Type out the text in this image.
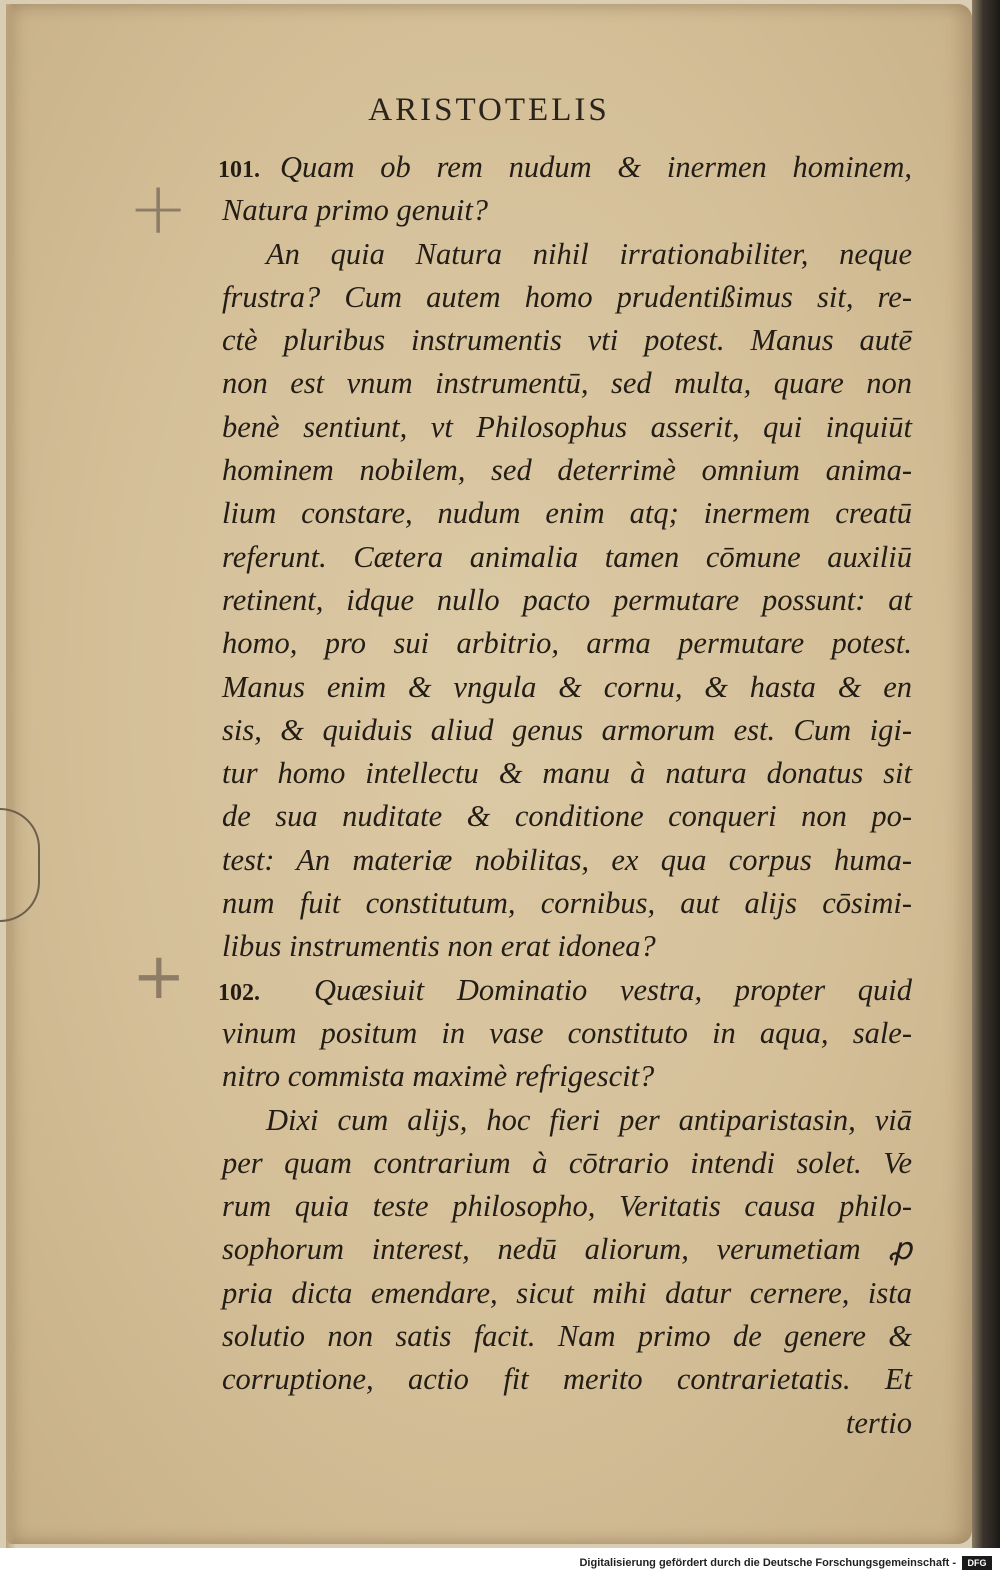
ARISTOTELIS
101. Quam ob rem nudum & inermen hominem,
Natura primo genuit?
An quia Natura nihil irrationabiliter, neque
frustra? Cum autem homo prudentißimus sit, re-
ctè pluribus instrumentis vti potest. Manus autē
non est vnum instrumentū, sed multa, quare non
benè sentiunt, vt Philosophus asserit, qui inquiūt
hominem nobilem, sed deterrimè omnium anima-
lium constare, nudum enim atq; inermem creatū
referunt. Cætera animalia tamen cōmune auxiliū
retinent, idque nullo pacto permutare possunt: at
homo, pro sui arbitrio, arma permutare potest.
Manus enim & vngula & cornu, & hasta & en
sis, & quiduis aliud genus armorum est. Cum igi-
tur homo intellectu & manu à natura donatus sit
de sua nuditate & conditione conqueri non po-
test: An materiæ nobilitas, ex qua corpus huma-
num fuit constitutum, cornibus, aut alijs cōsimi-
libus instrumentis non erat idonea?
102. Quæsiuit Dominatio vestra, propter quid
vinum positum in vase constituto in aqua, sale-
nitro commista maximè refrigescit?
Dixi cum alijs, hoc fieri per antiparistasin, viā
per quam contrarium à cōtrario intendi solet. Ve
rum quia teste philosopho, Veritatis causa philo-
sophorum interest, nedū aliorum, verumetiam ꝓ
pria dicta emendare, sicut mihi datur cernere, ista
solutio non satis facit. Nam primo de genere &
corruptione, actio fit merito contrarietatis. Et
tertio
+
+
Digitalisierung gefördert durch die Deutsche Forschungsgemeinschaft -	DFG
